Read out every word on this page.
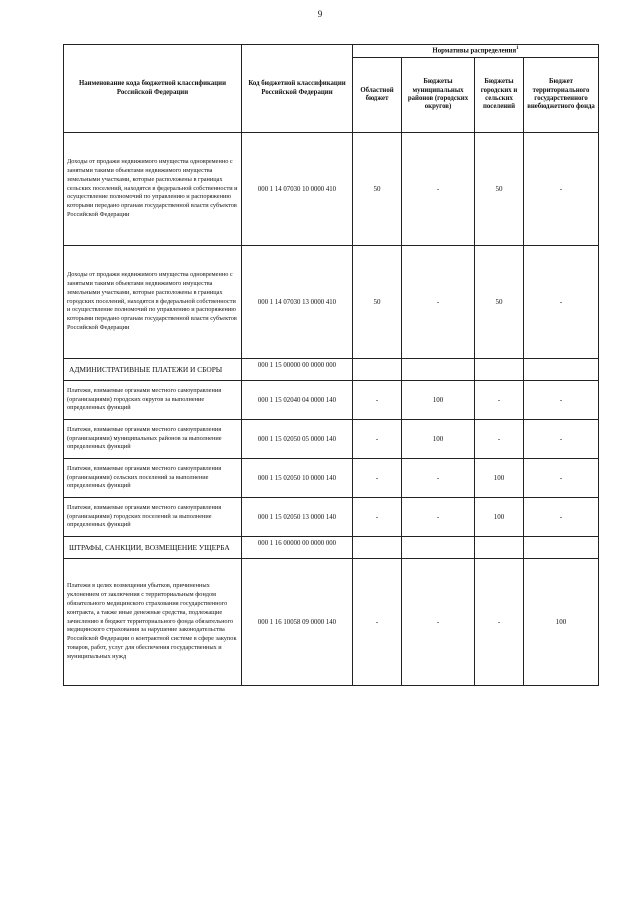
9
Наименование кода бюджетной классификации Российской Федерации	Код бюджетной классификации Российской Федерации	Нормативы распределения$^1$
		Областной бюджет	Бюджеты муниципальных районов (городских округов)	Бюджеты городских и сельских поселений	Бюджет территориального государственного внебюджетного фонда
Доходы от продажи недвижимого имущества одновременно с занятыми такими объектами недвижимого имущества земельными участками, которые расположены в границах сельских поселений, находятся в федеральной собственности и осуществление полномочий по управлению и распоряжению которыми передано органам государственной власти субъектов Российской Федерации	000 1 14 07030 10 0000 410	50	-	50	-
Доходы от продажи недвижимого имущества одновременно с занятыми такими объектами недвижимого имущества земельными участками, которые расположены в границах городских поселений, находятся в федеральной собственности и осуществление полномочий по управлению и распоряжению которыми передано органам государственной власти субъектов Российской Федерации	000 1 14 07030 13 0000 410	50	-	50	-
АДМИНИСТРАТИВНЫЕ ПЛАТЕЖИ И СБОРЫ	000 1 15 00000 00 0000 000				
Платежи, взимаемые органами местного самоуправления (организациями) городских округов за выполнение определенных функций	000 1 15 02040 04 0000 140	-	100	-	-
Платежи, взимаемые органами местного самоуправления (организациями) муниципальных районов за выполнение определенных функций	000 1 15 02050 05 0000 140	-	100	-	-
Платежи, взимаемые органами местного самоуправления (организациями) сельских поселений за выполнение определенных функций	000 1 15 02050 10 0000 140	-	-	100	-
Платежи, взимаемые органами местного самоуправления (организациями) городских поселений за выполнение определенных функций	000 1 15 02050 13 0000 140	-	-	100	-
ШТРАФЫ, САНКЦИИ, ВОЗМЕЩЕНИЕ УЩЕРБА	000 1 16 00000 00 0000 000				
Платежи в целях возмещения убытков, причиненных уклонением от заключения с территориальным фондом обязательного медицинского страхования государственного контракта, а также иные денежные средства, подлежащие зачислению в бюджет территориального фонда обязательного медицинского страхования за нарушение законодательства Российской Федерации о контрактной системе в сфере закупок товаров, работ, услуг для обеспечения государственных и муниципальных нужд	000 1 16 10058 09 0000 140	-	-	-	100
